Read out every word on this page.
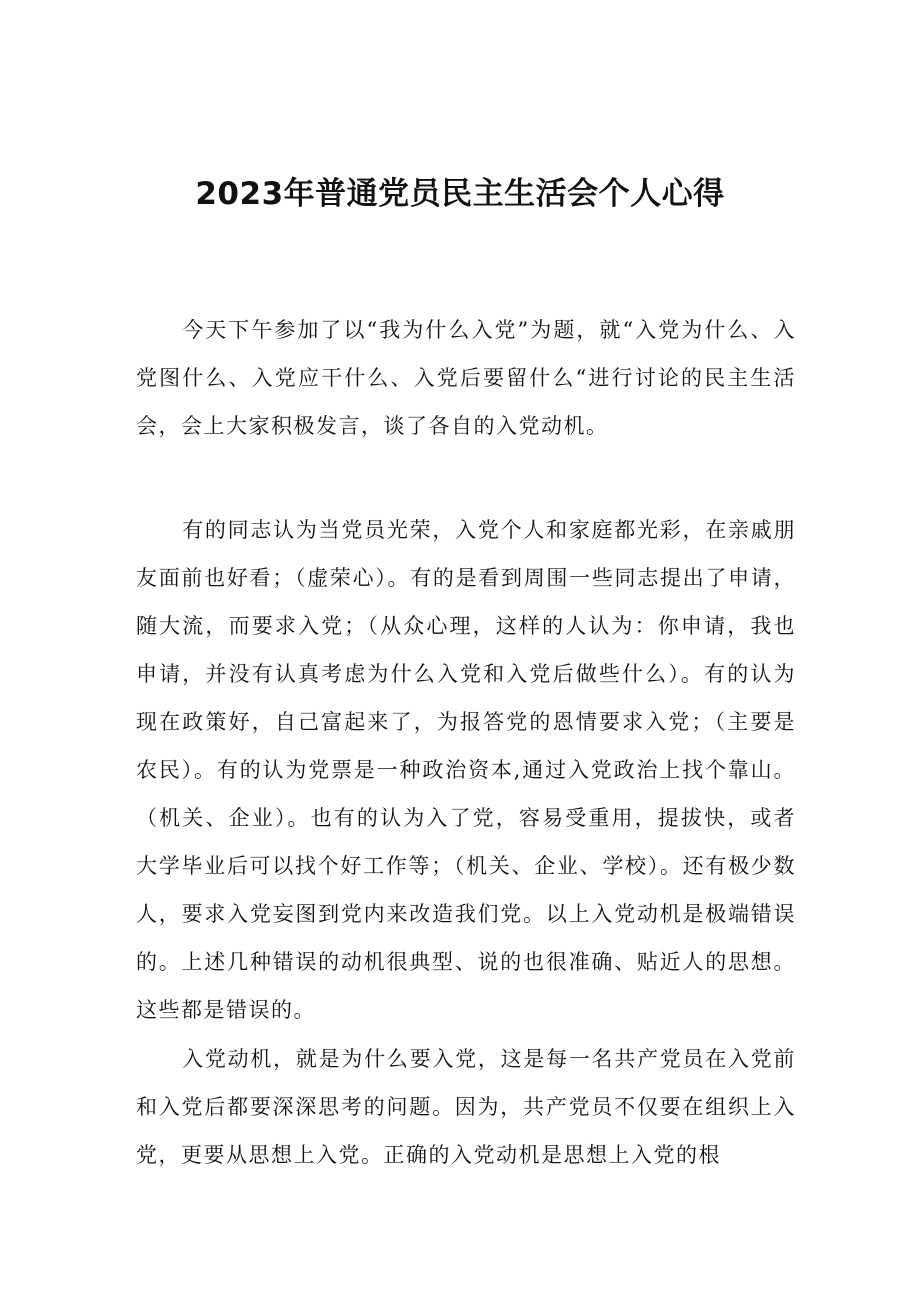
2023年普通党员民主生活会个人心得

今天下午参加了以“我为什么入党”为题，就“入党为什么、入党图什么、入党应干什么、入党后要留什么“进行讨论的民主生活会，会上大家积极发言，谈了各自的入党动机。

有的同志认为当党员光荣，入党个人和家庭都光彩，在亲戚朋友面前也好看；（虚荣心）。有的是看到周围一些同志提出了申请，随大流，而要求入党；（从众心理，这样的人认为：你申请，我也申请，并没有认真考虑为什么入党和入党后做些什么）。有的认为现在政策好，自己富起来了，为报答党的恩情要求入党；（主要是农民）。有的认为党票是一种政治资本,通过入党政治上找个靠山。（机关、企业）。也有的认为入了党，容易受重用，提拔快，或者大学毕业后可以找个好工作等；（机关、企业、学校）。还有极少数人，要求入党妄图到党内来改造我们党。以上入党动机是极端错误的。上述几种错误的动机很典型、说的也很准确、贴近人的思想。这些都是错误的。

入党动机，就是为什么要入党，这是每一名共产党员在入党前和入党后都要深深思考的问题。因为，共产党员不仅要在组织上入党，更要从思想上入党。正确的入党动机是思想上入党的根
